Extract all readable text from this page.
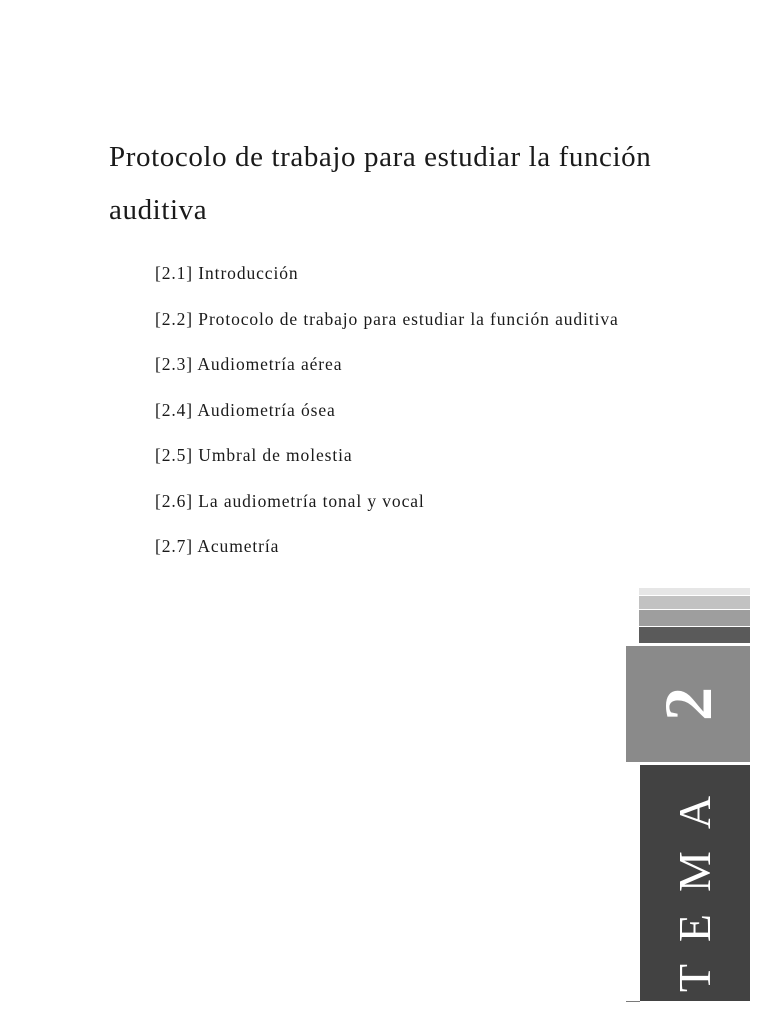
Protocolo de trabajo para estudiar la función auditiva
[2.1] Introducción
[2.2] Protocolo de trabajo para estudiar la función auditiva
[2.3] Audiometría aérea
[2.4] Audiometría ósea
[2.5] Umbral de molestia
[2.6] La audiometría tonal y vocal
[2.7] Acumetría
2
TEMA
